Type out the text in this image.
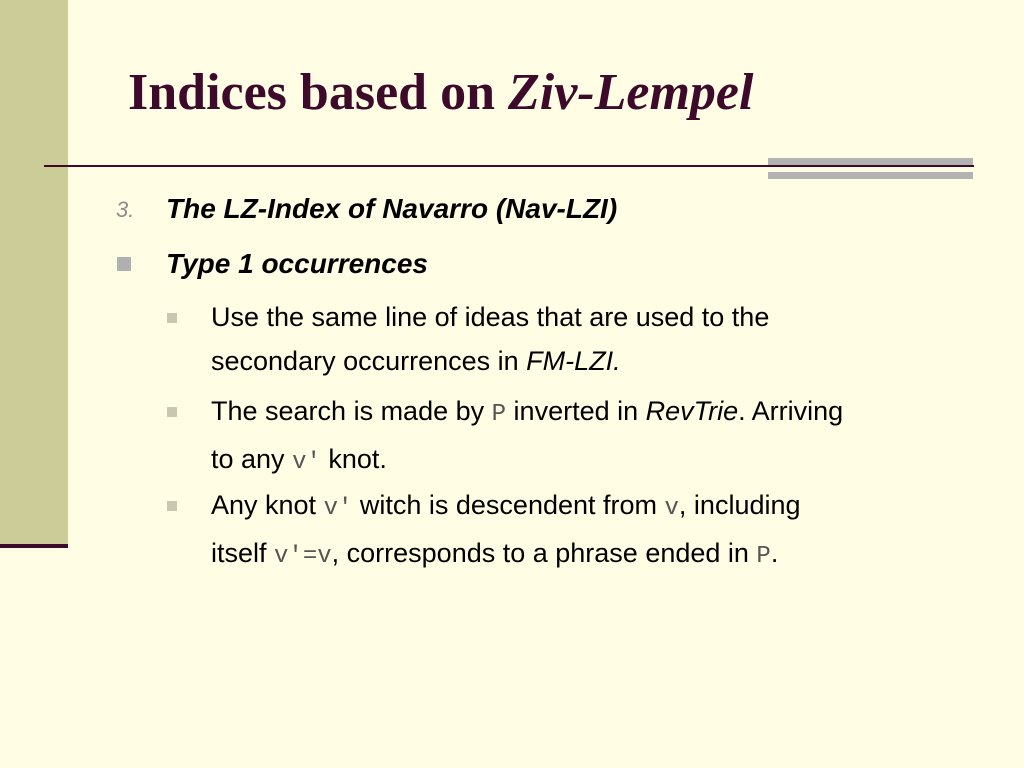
Indices based on Ziv-Lempel
3. The LZ-Index of Navarro (Nav-LZI)
Type 1 occurrences
Use the same line of ideas that are used to the
secondary occurrences in FM-LZI.
The search is made by P inverted in RevTrie. Arriving
to any v′ knot.
Any knot v′ witch is descendent from v, including
itself v′=v, corresponds to a phrase ended in P.
